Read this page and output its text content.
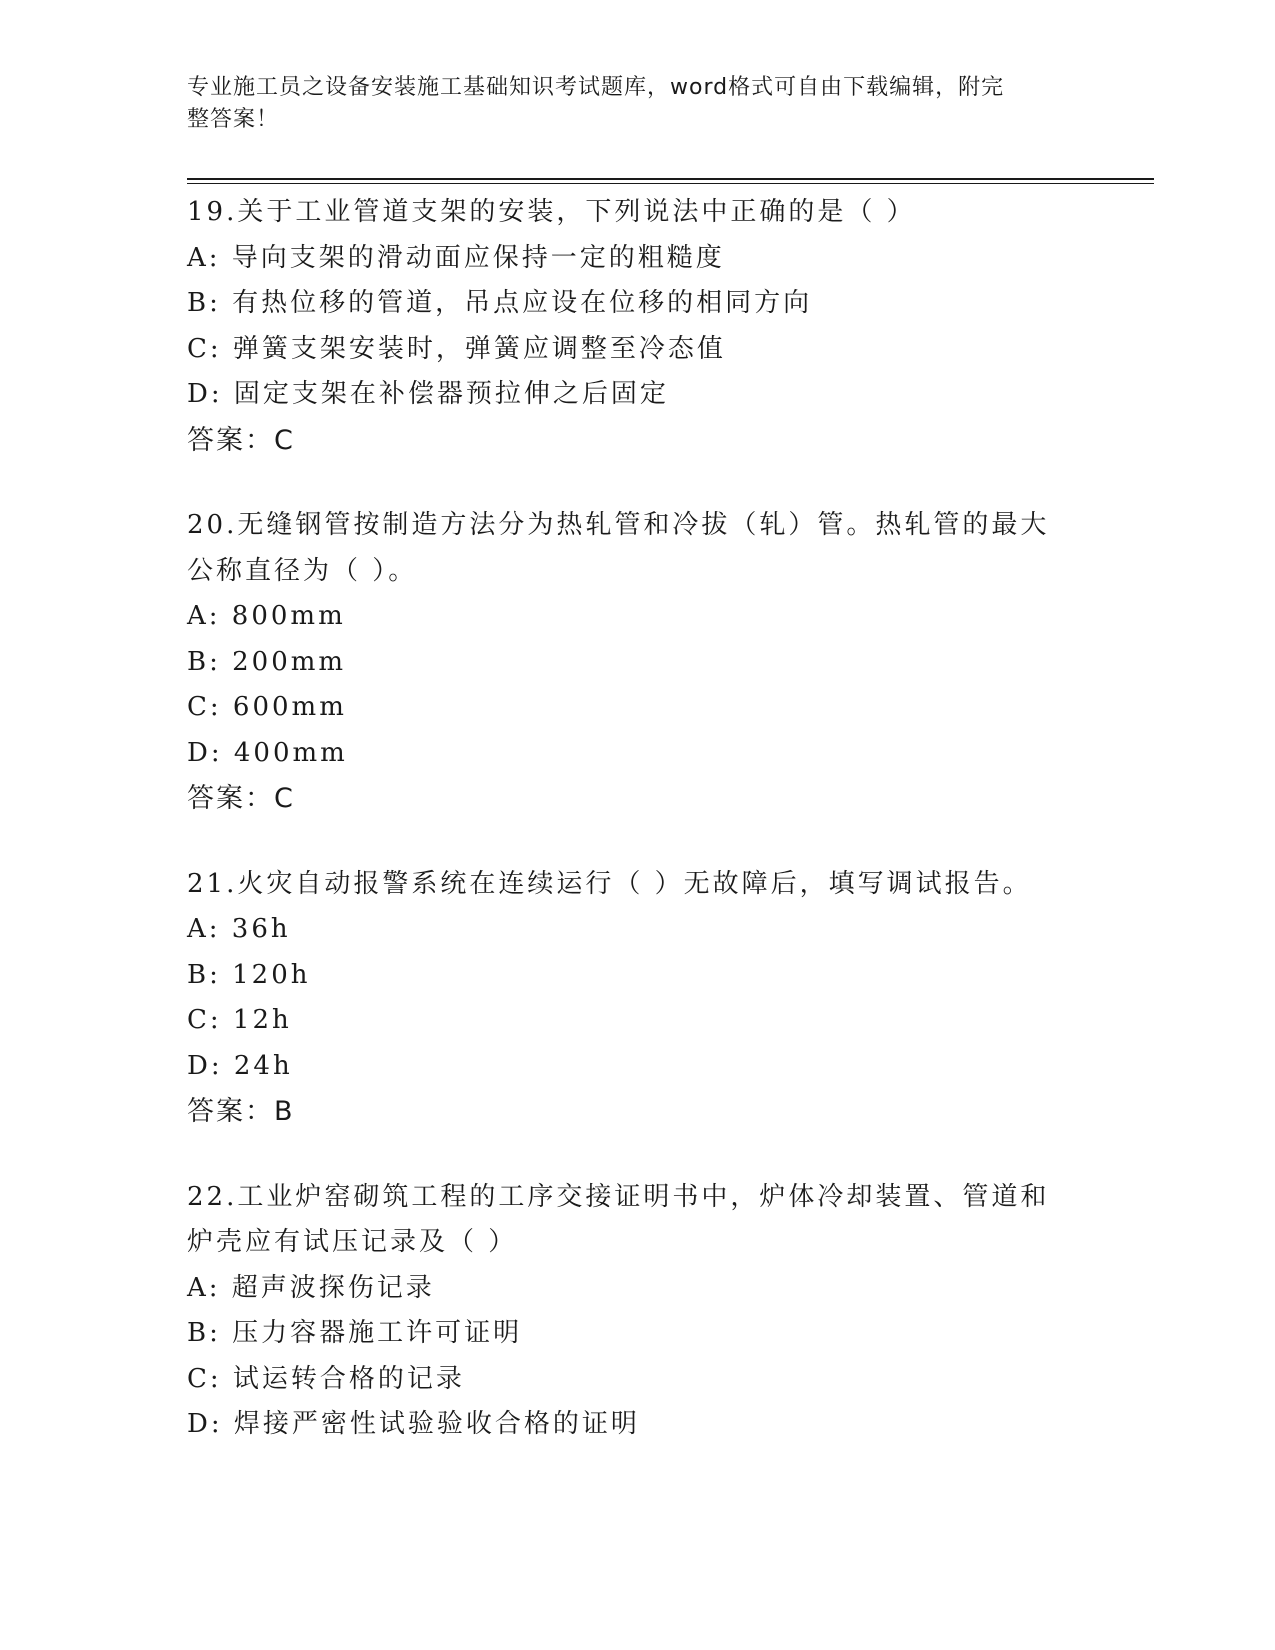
专业施工员之设备安装施工基础知识考试题库，word格式可自由下载编辑，附完
整答案！
19.关于工业管道支架的安装，下列说法中正确的是（ ）
A: 导向支架的滑动面应保持一定的粗糙度
B: 有热位移的管道，吊点应设在位移的相同方向
C: 弹簧支架安装时，弹簧应调整至冷态值
D: 固定支架在补偿器预拉伸之后固定
答案：C
20.无缝钢管按制造方法分为热轧管和冷拔（轧）管。热轧管的最大公称直径为（ ）。
A: 800mm
B: 200mm
C: 600mm
D: 400mm
答案：C
21.火灾自动报警系统在连续运行（ ）无故障后，填写调试报告。
A: 36h
B: 120h
C: 12h
D: 24h
答案：B
22.工业炉窑砌筑工程的工序交接证明书中，炉体冷却装置、管道和炉壳应有试压记录及（ ）
A: 超声波探伤记录
B: 压力容器施工许可证明
C: 试运转合格的记录
D: 焊接严密性试验验收合格的证明
